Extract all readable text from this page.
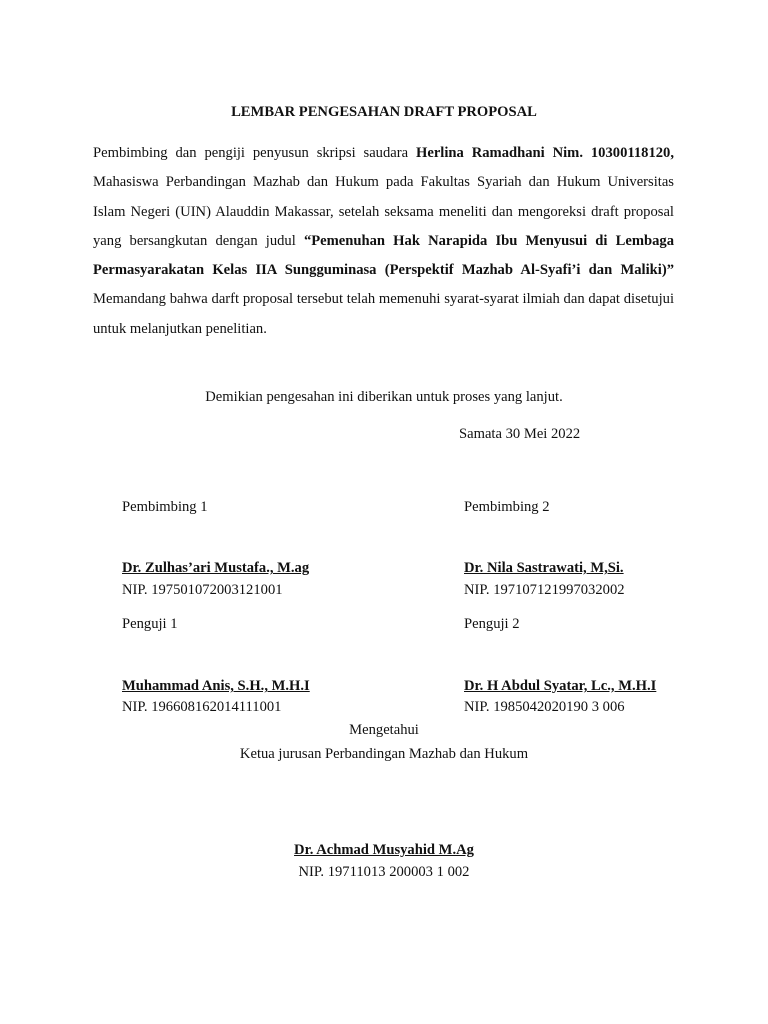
LEMBAR PENGESAHAN DRAFT PROPOSAL
Pembimbing dan pengiji penyusun skripsi saudara Herlina Ramadhani Nim. 10300118120, Mahasiswa Perbandingan Mazhab dan Hukum pada Fakultas Syariah dan Hukum Universitas Islam Negeri (UIN) Alauddin Makassar, setelah seksama meneliti dan mengoreksi draft proposal yang bersangkutan dengan judul “Pemenuhan Hak Narapida Ibu Menyusui di Lembaga Permasyarakatan Kelas IIA Sungguminasa (Perspektif Mazhab Al-Syafi’i dan Maliki)” Memandang bahwa darft proposal tersebut telah memenuhi syarat-syarat ilmiah dan dapat disetujui untuk melanjutkan penelitian.
Demikian pengesahan ini diberikan untuk proses yang lanjut.
Samata 30 Mei 2022
Pembimbing 1	Pembimbing 2
Dr. Zulhas’ari Mustafa., M.ag	Dr. Nila Sastrawati, M,Si.
NIP. 197501072003121001	NIP. 197107121997032002
Penguji 1	Penguji 2
Muhammad Anis, S.H., M.H.I	Dr. H Abdul Syatar, Lc., M.H.I
NIP. 196608162014111001	NIP. 1985042020190 3 006
Mengetahui
Ketua jurusan Perbandingan Mazhab dan Hukum
Dr. Achmad Musyahid M.Ag
NIP. 19711013 200003 1 002
